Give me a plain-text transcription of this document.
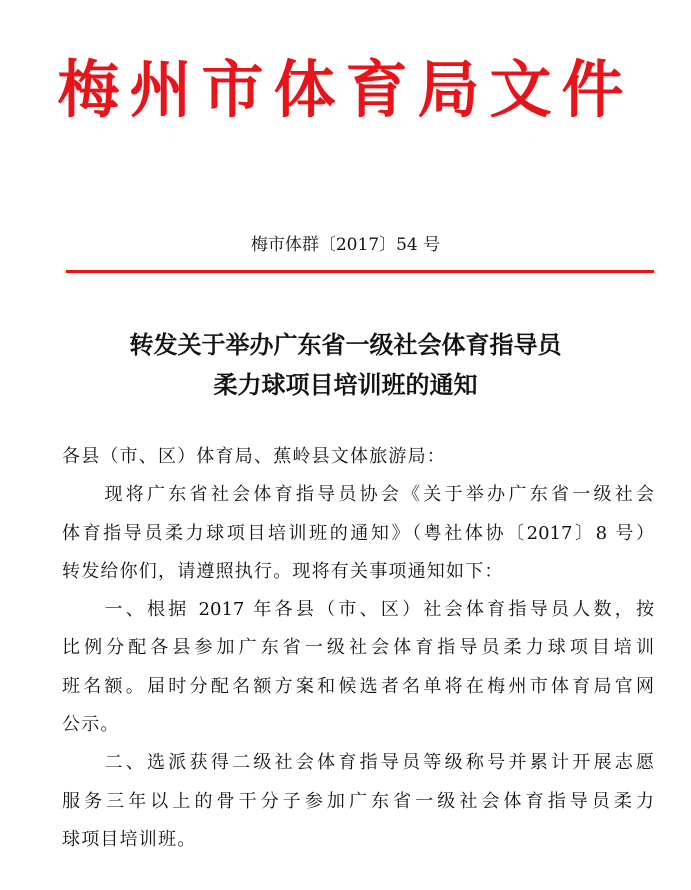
梅州市体育局文件
梅市体群〔2017〕54 号
转发关于举办广东省一级社会体育指导员
柔力球项目培训班的通知
各县（市、区）体育局、蕉岭县文体旅游局：
　　现将广东省社会体育指导员协会《关于举办广东省一级社会
体育指导员柔力球项目培训班的通知》（粤社体协〔2017〕8 号）
转发给你们，请遵照执行。现将有关事项通知如下：
　　一、根据 2017 年各县（市、区）社会体育指导员人数，按
比例分配各县参加广东省一级社会体育指导员柔力球项目培训
班名额。届时分配名额方案和候选者名单将在梅州市体育局官网
公示。
　　二、选派获得二级社会体育指导员等级称号并累计开展志愿
服务三年以上的骨干分子参加广东省一级社会体育指导员柔力
球项目培训班。
